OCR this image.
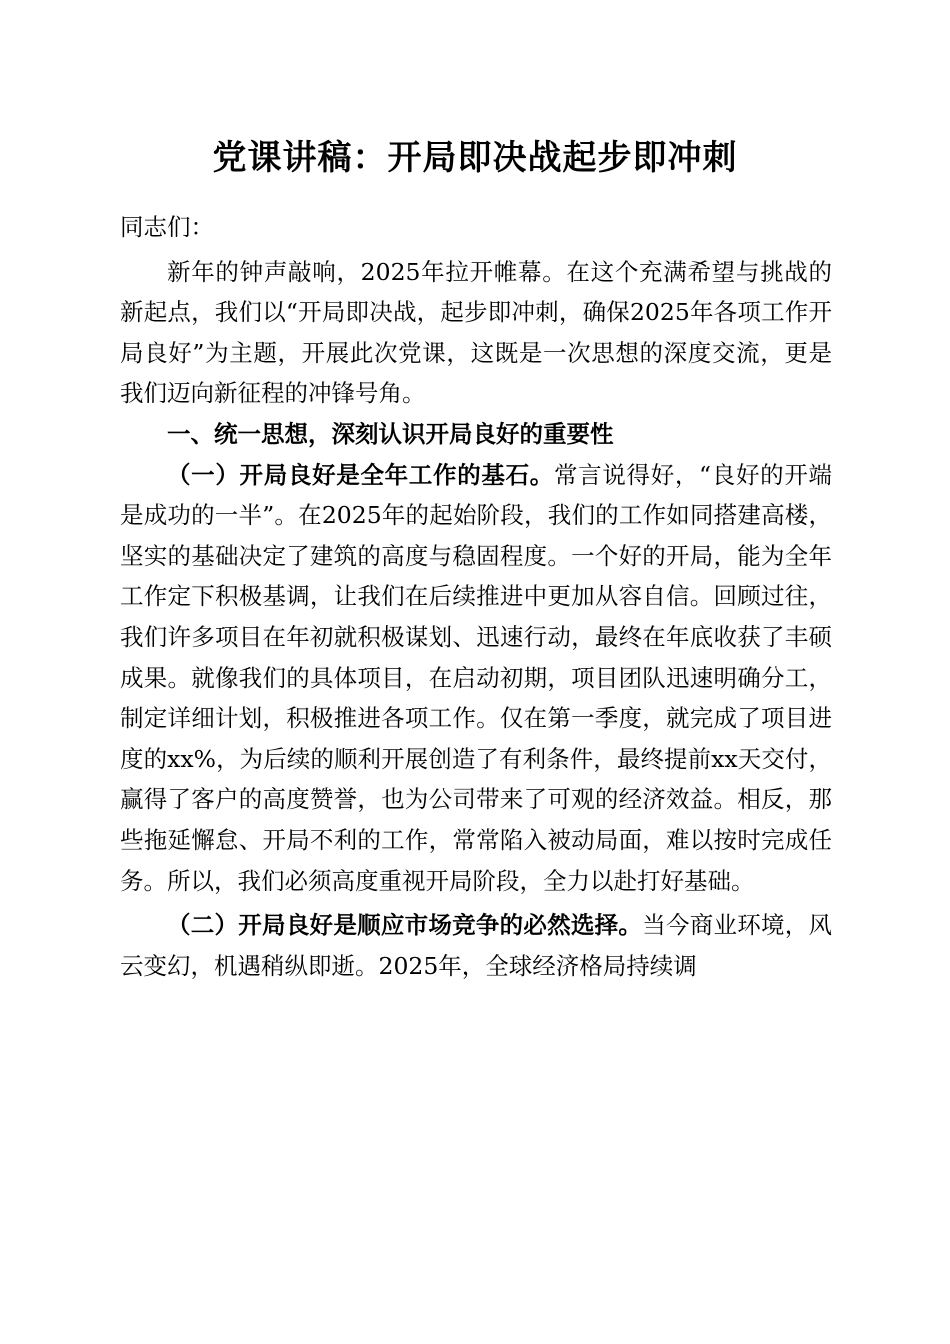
党课讲稿：开局即决战起步即冲刺

同志们：

新年的钟声敲响，2025年拉开帷幕。在这个充满希望与挑战的新起点，我们以“开局即决战，起步即冲刺，确保2025年各项工作开局良好”为主题，开展此次党课，这既是一次思想的深度交流，更是我们迈向新征程的冲锋号角。

一、统一思想，深刻认识开局良好的重要性

（一）开局良好是全年工作的基石。常言说得好，“良好的开端是成功的一半”。在2025年的起始阶段，我们的工作如同搭建高楼，坚实的基础决定了建筑的高度与稳固程度。一个好的开局，能为全年工作定下积极基调，让我们在后续推进中更加从容自信。回顾过往，我们许多项目在年初就积极谋划、迅速行动，最终在年底收获了丰硕成果。就像我们的具体项目，在启动初期，项目团队迅速明确分工，制定详细计划，积极推进各项工作。仅在第一季度，就完成了项目进度的xx%，为后续的顺利开展创造了有利条件，最终提前xx天交付，赢得了客户的高度赞誉，也为公司带来了可观的经济效益。相反，那些拖延懈怠、开局不利的工作，常常陷入被动局面，难以按时完成任务。所以，我们必须高度重视开局阶段，全力以赴打好基础。

（二）开局良好是顺应市场竞争的必然选择。当今商业环境，风云变幻，机遇稍纵即逝。2025年，全球经济格局持续调
